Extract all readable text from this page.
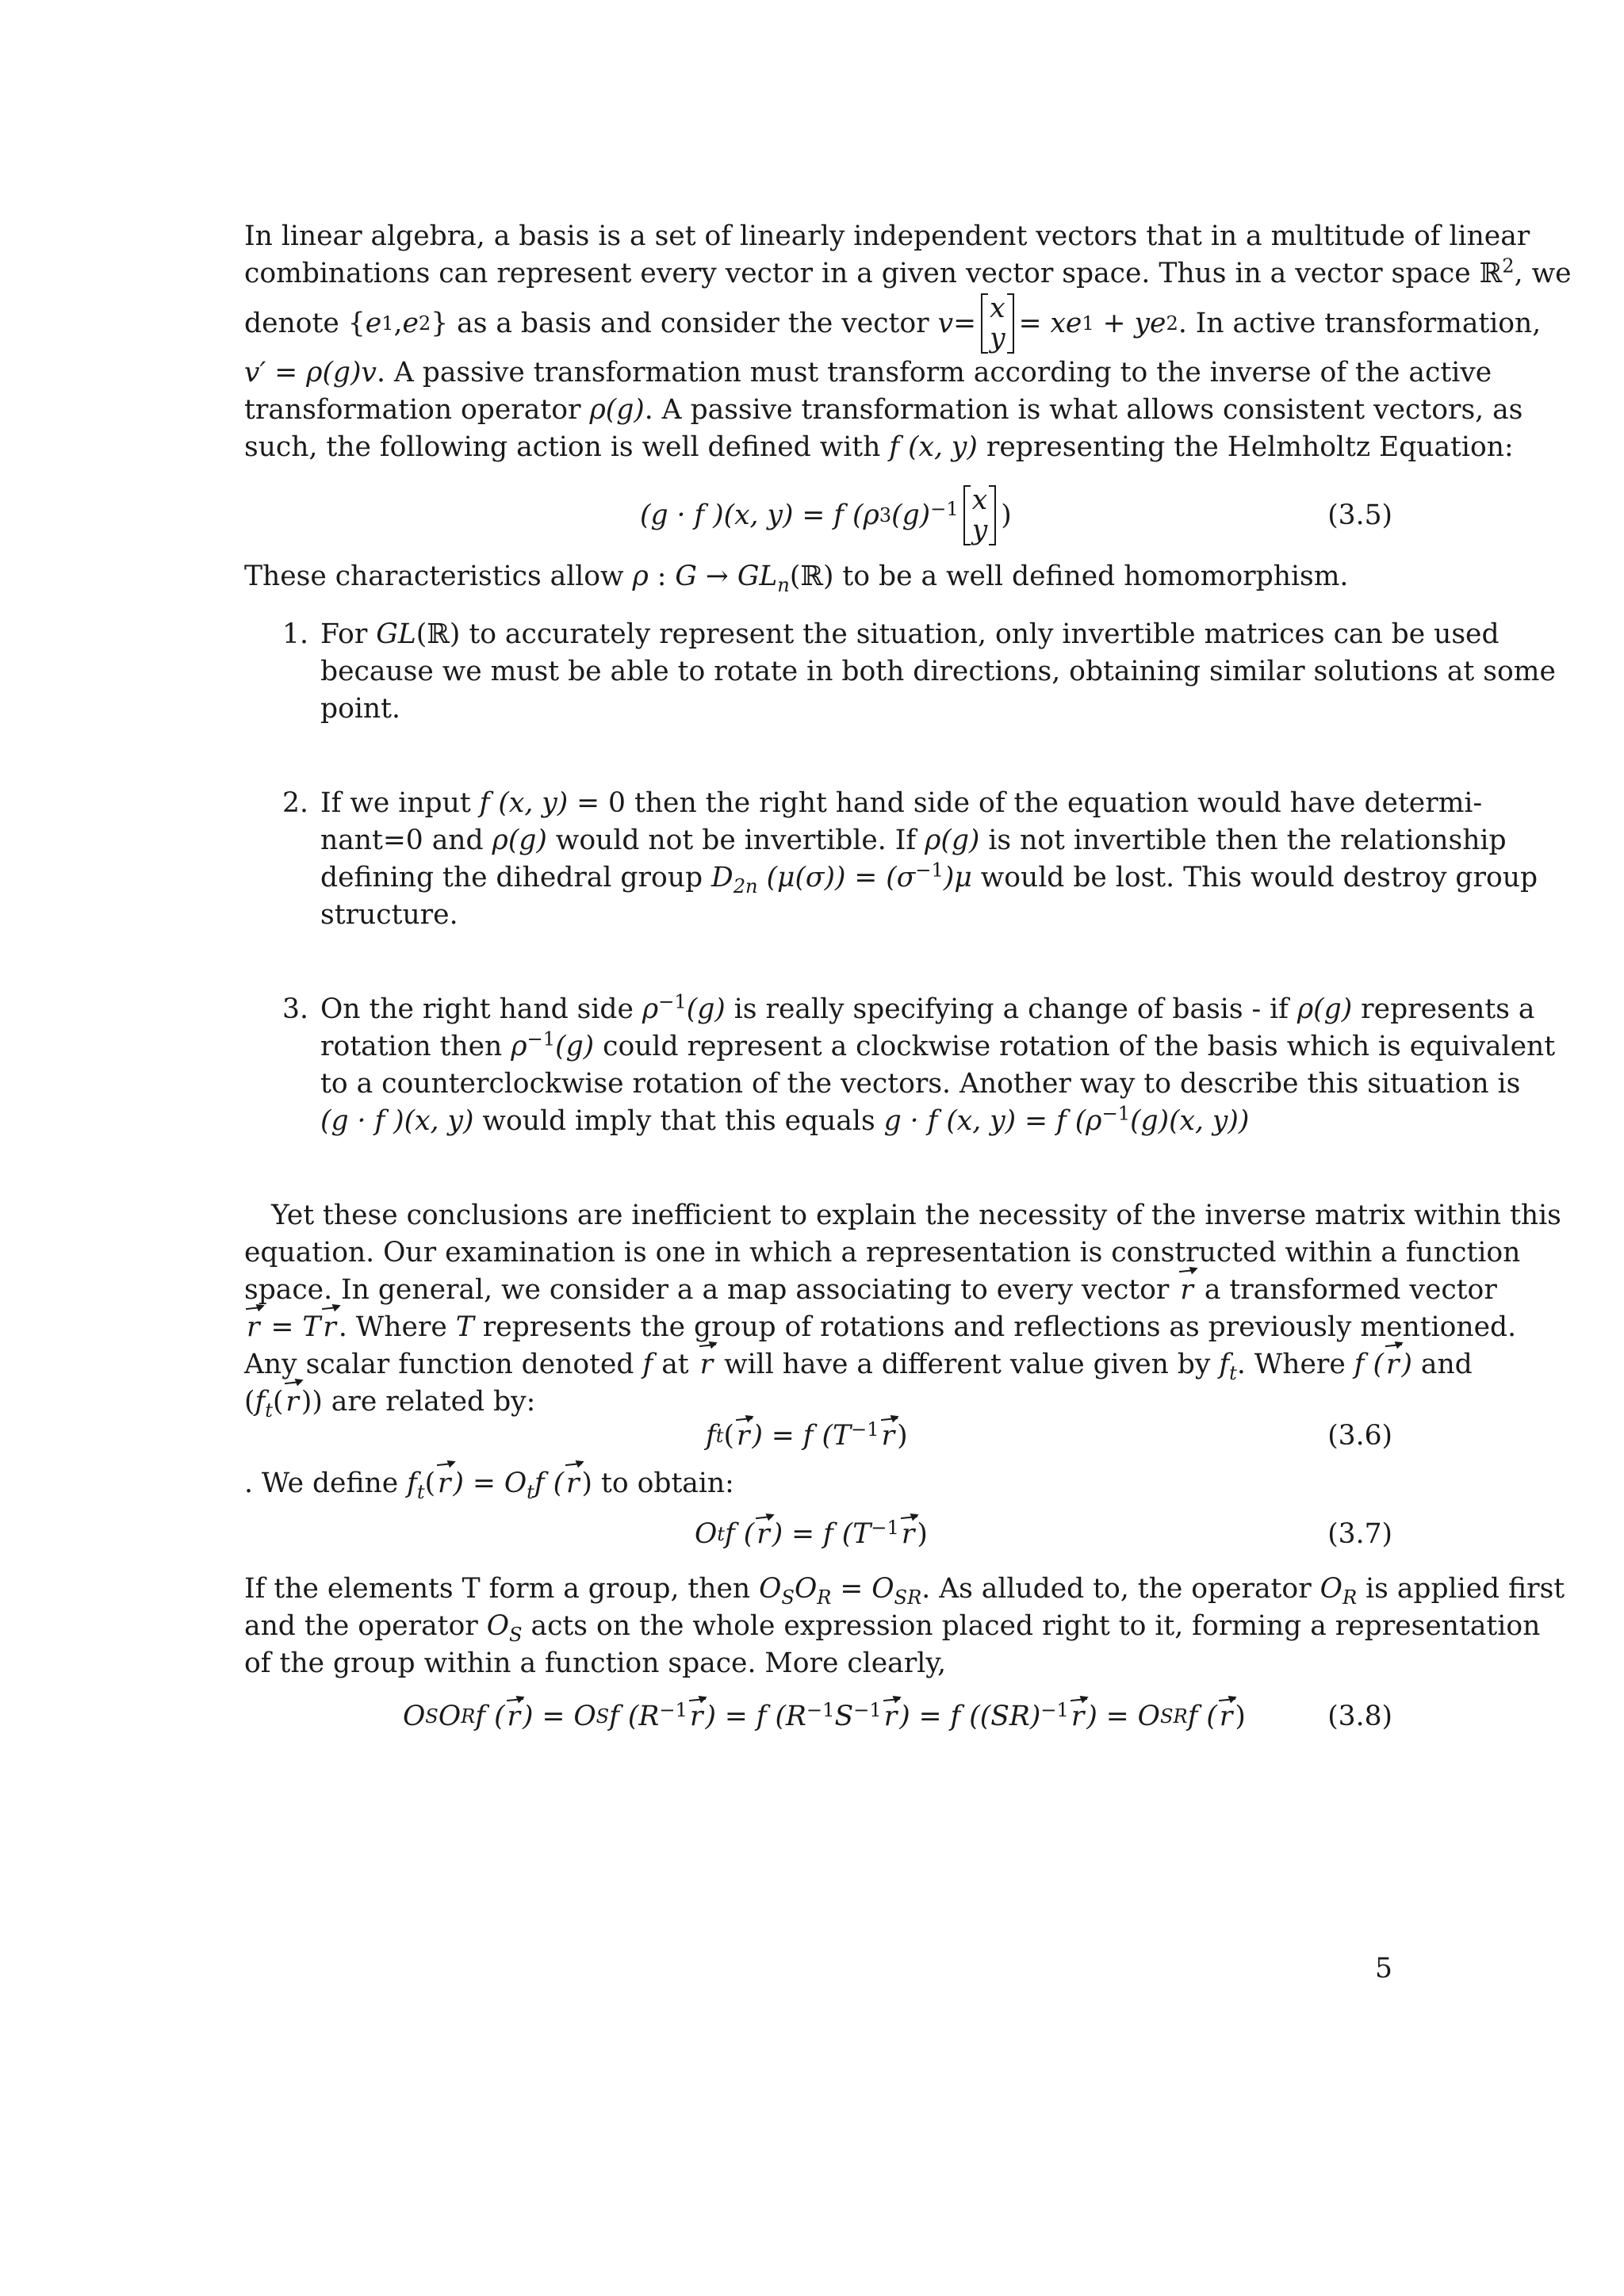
In linear algebra, a basis is a set of linearly independent vectors that in a multitude of linear
combinations can represent every vector in a given vector space. Thus in a vector space ℝ$^2$, we
denote { e 1 , e 2 } as a basis and consider the vector
v = x
y =
xe 1 + ye 2 . In active transformation,
v′ = ρ(g)v. A passive transformation must transform according to the inverse of the active
transformation operator ρ(g). A passive transformation is what allows consistent vectors, as
such, the following action is well defined with f (x, y) representing the Helmholtz Equation:
(g · f )(x, y) = f (ρ 3 $(g)^{-1}$ x
y )	(3.5)

These characteristics allow ρ : $G \to GL_n(ℝ)$ to be a well defined homomorphism.

1. For GL(ℝ) to accurately represent the situation, only invertible matrices can be used
because we must be able to rotate in both directions, obtaining similar solutions at some
point.
2. If we input f (x, y) = 0 then the right hand side of the equation would have determi-
nant=0 and ρ(g) would not be invertible. If ρ(g) is not invertible then the relationship
defining the dihedral group $D_{2n}$ $(\mu(\sigma)) = (\sigma^{-1})\mu$ would be lost. This would destroy group
structure.
3. On the right hand side $\rho^{-1}(g)$ is really specifying a change of basis - if ρ(g) represents a
rotation then $\rho^{-1}(g)$ could represent a clockwise rotation of the basis which is equivalent
to a counterclockwise rotation of the vectors. Another way to describe this situation is
(g · f )(x, y) would imply that this equals g · f (x, y) = f ($\rho^{-1}(g)(x$, y))
Yet these conclusions are inefficient to explain the necessity of the inverse matrix within this
equation. Our examination is one in which a representation is constructed within a function
space. In general, we consider a a map associating to every vector r a transformed vector
r = Tr. Where T represents the group of rotations and reflections as previously mentioned.
Any scalar function denoted f at r will have a different value given by $f_t$. Where f (r) and
$(f_t(r))$ are related by:
f t ( r ) = f ($T^{-1}$ r )	(3.6)

. We define $f_t(r) = O_tf$ (r) to obtain:

O t f ( r ) = f ($T^{-1}$ r )	(3.7)
If the elements T form a group, then $O_SO_R = O_{SR}$. As alluded to, the operator $O_R$ is applied first
and the operator $O_S$ acts on the whole expression placed right to it, forming a representation
of the group within a function space. More clearly,
O S O R f ( r ) = O S f ($R^{-1}$ r ) = f ($R^{-1}$ $S^{-1}$ r ) = f ((SR)$^{-1}$ r ) = O SR f ( r )	(3.8)
5
